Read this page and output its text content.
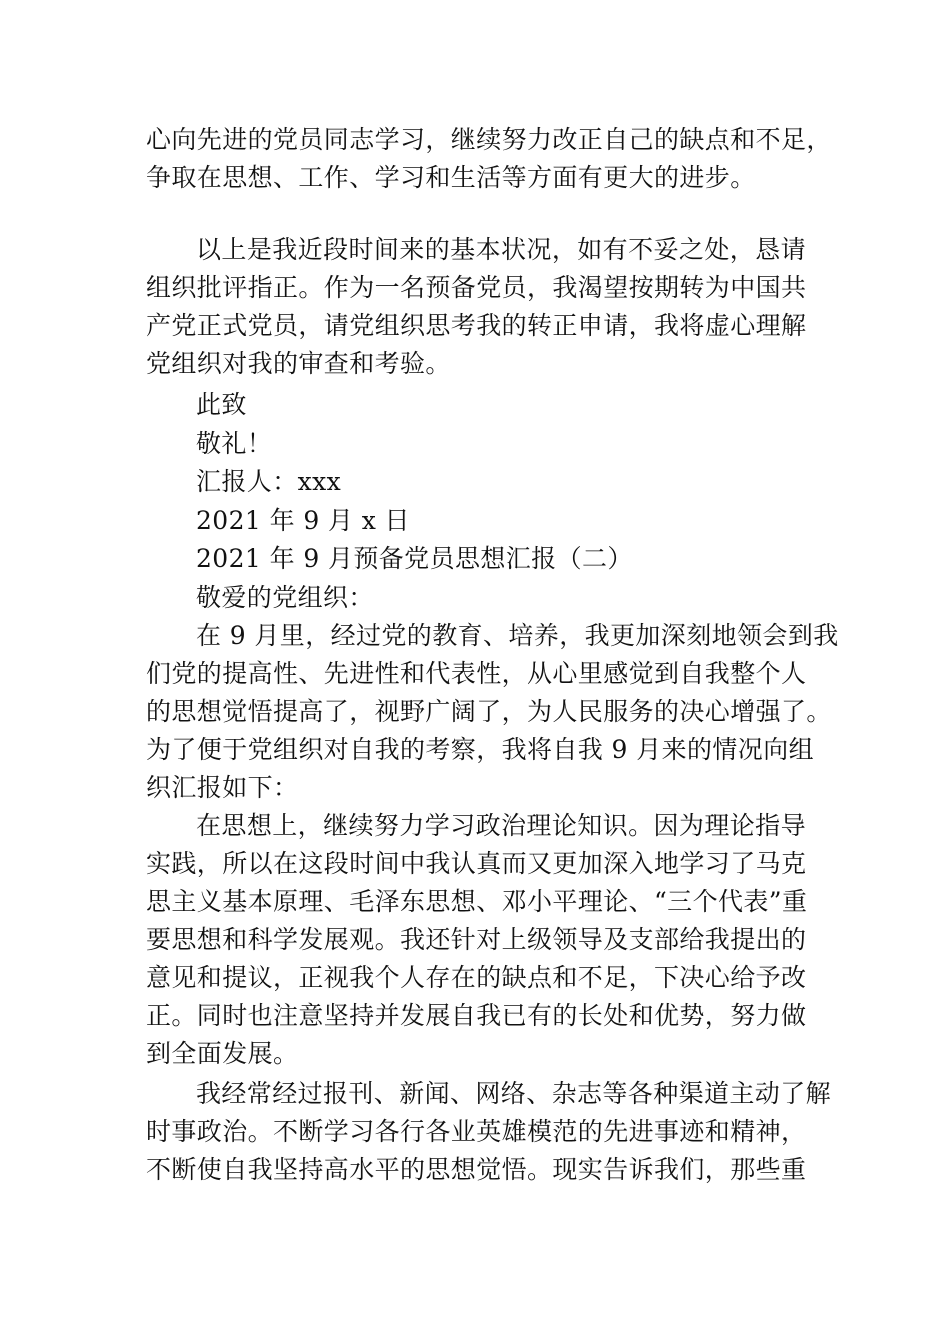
心向先进的党员同志学习，继续努力改正自己的缺点和不足，
争取在思想、工作、学习和生活等方面有更大的进步。
以上是我近段时间来的基本状况，如有不妥之处，恳请
组织批评指正。作为一名预备党员，我渴望按期转为中国共
产党正式党员，请党组织思考我的转正申请，我将虚心理解
党组织对我的审查和考验。
此致
敬礼！
汇报人：xxx
2021 年 9 月 x 日
2021 年 9 月预备党员思想汇报（二）
敬爱的党组织：
在 9 月里，经过党的教育、培养，我更加深刻地领会到我
们党的提高性、先进性和代表性，从心里感觉到自我整个人
的思想觉悟提高了，视野广阔了，为人民服务的决心增强了。
为了便于党组织对自我的考察，我将自我 9 月来的情况向组
织汇报如下：
在思想上，继续努力学习政治理论知识。因为理论指导
实践，所以在这段时间中我认真而又更加深入地学习了马克
思主义基本原理、毛泽东思想、邓小平理论、“三个代表”重
要思想和科学发展观。我还针对上级领导及支部给我提出的
意见和提议，正视我个人存在的缺点和不足，下决心给予改
正。同时也注意坚持并发展自我已有的长处和优势，努力做
到全面发展。
我经常经过报刊、新闻、网络、杂志等各种渠道主动了解
时事政治。不断学习各行各业英雄模范的先进事迹和精神，
不断使自我坚持高水平的思想觉悟。现实告诉我们，那些重
